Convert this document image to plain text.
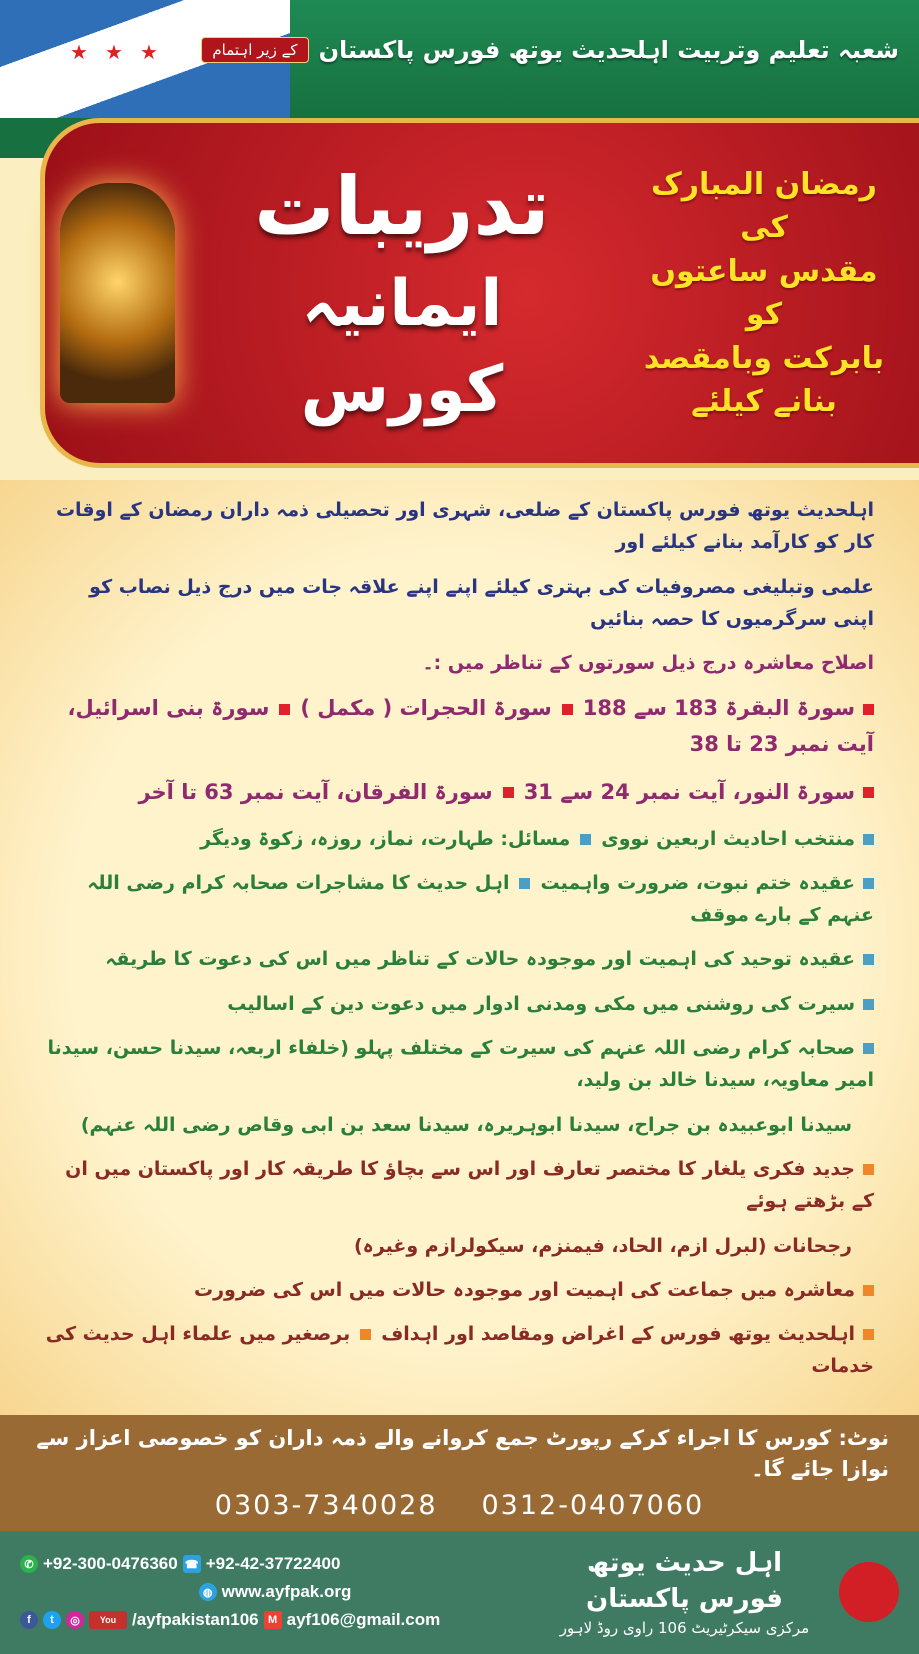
★ ★ ★	شعبہ تعلیم وتربیت اہلحدیث یوتھ فورس پاکستان
کے زیر اہتمام
تدریبات
ایمانیہ کورس
رمضان المبارک کی
مقدس ساعتوں کو
بابرکت وبامقصد
بنانے کیلئے
اہلحدیث یوتھ فورس پاکستان کے ضلعی، شہری اور تحصیلی ذمہ داران رمضان کے اوقات کار کو کارآمد بنانے کیلئے اور
علمی وتبلیغی مصروفیات کی بہتری کیلئے اپنے اپنے علاقہ جات میں درج ذیل نصاب کو اپنی سرگرمیوں کا حصہ بنائیں
اصلاح معاشرہ درج ذیل سورتوں کے تناظر میں :۔
سورۃ البقرۃ 183 سے 188سورۃ الحجرات ( مکمل )سورۃ بنی اسرائیل، آیت نمبر 23 تا 38
سورۃ النور، آیت نمبر 24 سے 31سورۃ الفرقان، آیت نمبر 63 تا آخر
منتخب احادیث اربعین نوویمسائل: طہارت، نماز، روزہ، زکوۃ ودیگر
عقیدہ ختم نبوت، ضرورت واہمیتاہل حدیث کا مشاجرات صحابہ کرام رضی اللہ عنہم کے بارے موقف
عقیدہ توحید کی اہمیت اور موجودہ حالات کے تناظر میں اس کی دعوت کا طریقہ
سیرت کی روشنی میں مکی ومدنی ادوار میں دعوت دین کے اسالیب
صحابہ کرام رضی اللہ عنہم کی سیرت کے مختلف پہلو (خلفاء اربعہ، سیدنا حسن، سیدنا امیر معاویہ، سیدنا خالد بن ولید،
سیدنا ابوعبیدہ بن جراح، سیدنا ابوہریرہ، سیدنا سعد بن ابی وقاص رضی اللہ عنہم)
جدید فکری یلغار کا مختصر تعارف اور اس سے بچاؤ کا طریقہ کار اور پاکستان میں ان کے بڑھتے ہوئے
رجحانات (لبرل ازم، الحاد، فیمنزم، سیکولرازم وغیرہ)
معاشرہ میں جماعت کی اہمیت اور موجودہ حالات میں اس کی ضرورت
اہلحدیث یوتھ فورس کے اغراض ومقاصد اور اہدافبرصغیر میں علماء اہل حدیث کی خدمات
نوٹ: کورس کا اجراء کرکے رپورٹ جمع کروانے والے ذمہ داران کو خصوصی اعزاز سے نوازا جائے گا۔
0303-7340028 0312-0407060
✆ +92-300-0476360 ☎ +92-42-37722400
◍ www.ayfpak.org
f	t	◎	You /ayfpakistan106 M ayf106@gmail.com
اہل حدیث یوتھ فورس پاکستان
مرکزی سیکرٹیریٹ 106 راوی روڈ لاہور
